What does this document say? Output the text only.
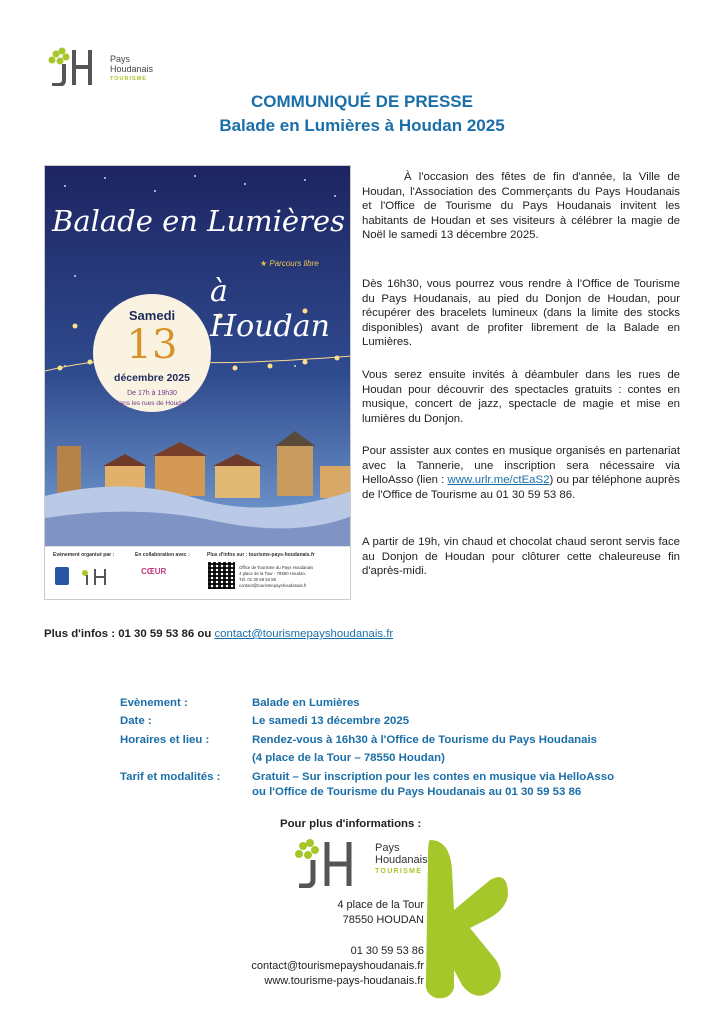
Pays
Houdanais
TOURISME
COMMUNIQUÉ DE PRESSE
Balade en Lumières à Houdan 2025
Balade en Lumières
★ Parcours libre
à Houdan
Samedi
13
décembre 2025
De 17h à 19h30
dans les rues de Houdan
Evènement organisé par :	En collaboration avec :	Plus d'infos sur : tourisme-pays-houdanais.fr
CŒUR	Office de Tourisme du Pays Houdanais
4 place de la Tour - 78550 Houdan.
Tél. 01 30 59 53 86
contact@tourismepayshoudanais.fr

À l'occasion des fêtes de fin d'année, la Ville de Houdan, l'Association des Commerçants du Pays Houdanais et l'Office de Tourisme du Pays Houdanais invitent les habitants de Houdan et ses visiteurs à célébrer la magie de Noël le samedi 13 décembre 2025.

Dès 16h30, vous pourrez vous rendre à l'Office de Tourisme du Pays Houdanais, au pied du Donjon de Houdan, pour récupérer des bracelets lumineux (dans la limite des stocks disponibles) avant de profiter librement de la Balade en Lumières.

Vous serez ensuite invités à déambuler dans les rues de Houdan pour découvrir des spectacles gratuits : contes en musique, concert de jazz, spectacle de magie et mise en lumières du Donjon.

Pour assister aux contes en musique organisés en partenariat avec la Tannerie, une inscription sera nécessaire via HelloAsso (lien : www.urlr.me/ctEaS2) ou par téléphone auprès de l'Office de Tourisme au 01 30 59 53 86.

A partir de 19h, vin chaud et chocolat chaud seront servis face au Donjon de Houdan pour clôturer cette chaleureuse fin d'après-midi.

Plus d'infos : 01 30 59 53 86 ou contact@tourismepayshoudanais.fr
Evènement :	Balade en Lumières
Date :	Le samedi 13 décembre 2025
Horaires et lieu :	Rendez-vous à 16h30 à l'Office de Tourisme du Pays Houdanais
(4 place de la Tour – 78550 Houdan)
Tarif et modalités :	Gratuit – Sur inscription pour les contes en musique via HelloAsso
ou l'Office de Tourisme du Pays Houdanais au 01 30 59 53 86
Pour plus d'informations :
Pays
Houdanais
TOURISME
4 place de la Tour
78550 HOUDAN
01 30 59 53 86
contact@tourismepayshoudanais.fr
www.tourisme-pays-houdanais.fr
